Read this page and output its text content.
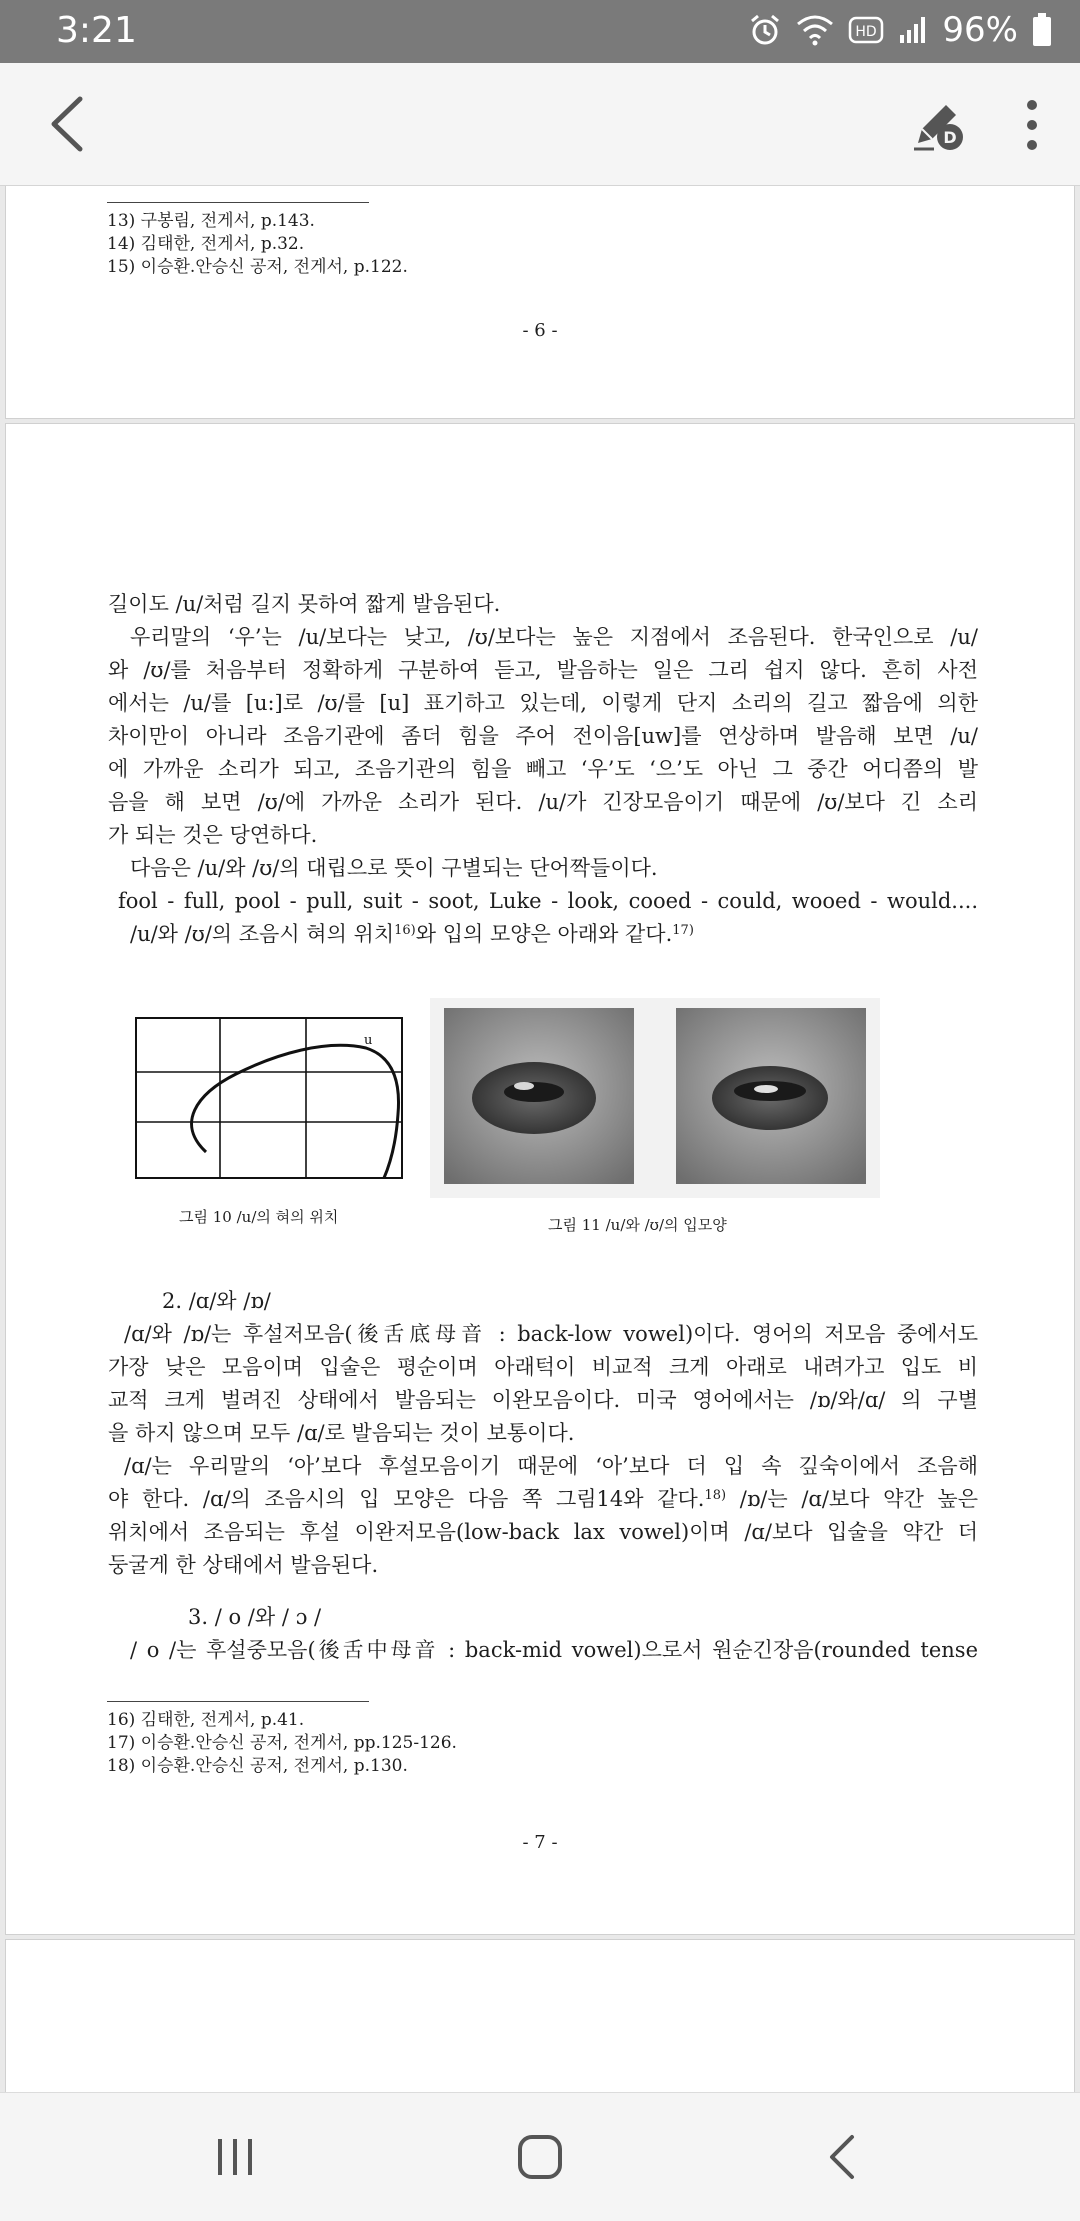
3:21	HD 96%
D
13) 구봉림, 전게서, p.143.
14) 김태한, 전게서, p.32.
15) 이승환.안승신 공저, 전게서, p.122.
- 6 -

길이도 /u/처럼 길지 못하여 짧게 발음된다.

우리말의 ‘우’는 /u/보다는 낮고, /ʊ/보다는 높은 지점에서 조음된다. 한국인으로 /u/

와 /ʊ/를 처음부터 정확하게 구분하여 듣고, 발음하는 일은 그리 쉽지 않다. 흔히 사전

에서는 /u/를 [u:]로 /ʊ/를 [u] 표기하고 있는데, 이렇게 단지 소리의 길고 짧음에 의한

차이만이 아니라 조음기관에 좀더 힘을 주어 전이음[uw]를 연상하며 발음해 보면 /u/

에 가까운 소리가 되고, 조음기관의 힘을 빼고 ‘우’도 ‘으’도 아닌 그 중간 어디쯤의 발

음을 해 보면 /ʊ/에 가까운 소리가 된다. /u/가 긴장모음이기 때문에 /ʊ/보다 긴 소리

가 되는 것은 당연하다.

다음은 /u/와 /ʊ/의 대립으로 뜻이 구별되는 단어짝들이다.

fool - full, pool - pull, suit - soot, Luke - look, cooed - could, wooed - would....

/u/와 /ʊ/의 조음시 혀의 위치$^{16)}$와 입의 모양은 아래와 같다.$^{17)}$

u
그림 10 /u/의 혀의 위치	그림 11 /u/와 /ʊ/의 입모양
2. /ɑ/와 /ɒ/

/ɑ/와 /ɒ/는 후설저모음(後舌底母音 : back-low vowel)이다. 영어의 저모음 중에서도

가장 낮은 모음이며 입술은 평순이며 아래턱이 비교적 크게 아래로 내려가고 입도 비

교적 크게 벌려진 상태에서 발음되는 이완모음이다. 미국 영어에서는 /ɒ/와/ɑ/ 의 구별

을 하지 않으며 모두 /ɑ/로 발음되는 것이 보통이다.

/ɑ/는 우리말의 ‘아’보다 후설모음이기 때문에 ‘아’보다 더 입 속 깊숙이에서 조음해

야 한다. /ɑ/의 조음시의 입 모양은 다음 쪽 그림14와 같다.$^{18)}$ /ɒ/는 /ɑ/보다 약간 높은

위치에서 조음되는 후설 이완저모음(low-back lax vowel)이며 /ɑ/보다 입술을 약간 더

둥굴게 한 상태에서 발음된다.

3. / o /와 / ɔ /

/ o /는 후설중모음(後舌中母音 : back-mid vowel)으로서 원순긴장음(rounded tense

16) 김태한, 전게서, p.41.
17) 이승환.안승신 공저, 전게서, pp.125-126.
18) 이승환.안승신 공저, 전게서, p.130.
- 7 -
